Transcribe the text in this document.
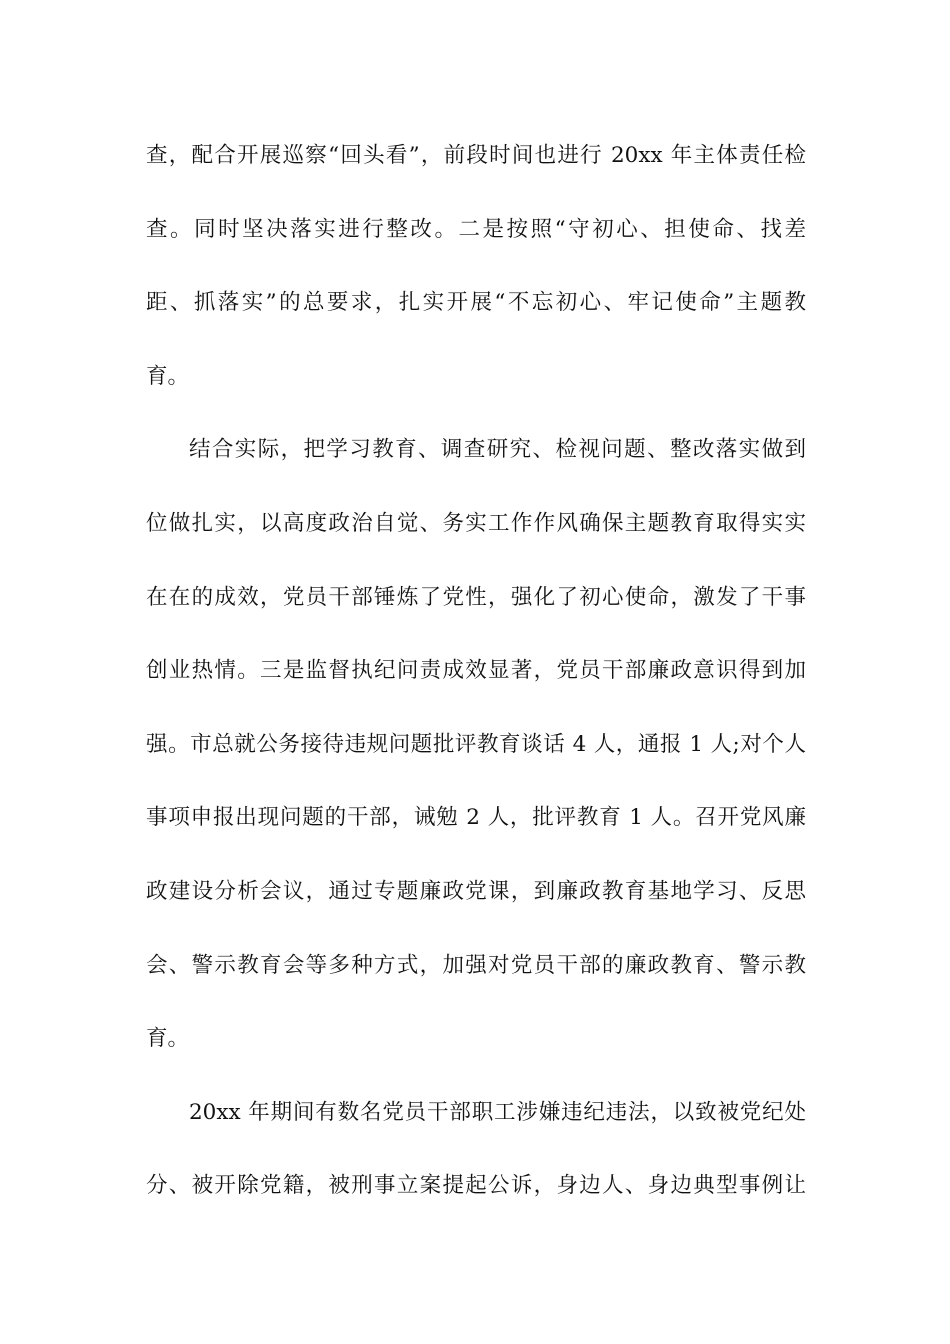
查，配合开展巡察“回头看”，前段时间也进行 20xx 年主体责任检
查。同时坚决落实进行整改。二是按照“守初心、担使命、找差
距、抓落实”的总要求，扎实开展“不忘初心、牢记使命”主题教
育。
结合实际，把学习教育、调查研究、检视问题、整改落实做到
位做扎实，以高度政治自觉、务实工作作风确保主题教育取得实实
在在的成效，党员干部锤炼了党性，强化了初心使命，激发了干事
创业热情。三是监督执纪问责成效显著，党员干部廉政意识得到加
强。市总就公务接待违规问题批评教育谈话 4 人，通报 1 人;对个人
事项申报出现问题的干部，诫勉 2 人，批评教育 1 人。召开党风廉
政建设分析会议，通过专题廉政党课，到廉政教育基地学习、反思
会、警示教育会等多种方式，加强对党员干部的廉政教育、警示教
育。
20xx 年期间有数名党员干部职工涉嫌违纪违法，以致被党纪处
分、被开除党籍，被刑事立案提起公诉，身边人、身边典型事例让
